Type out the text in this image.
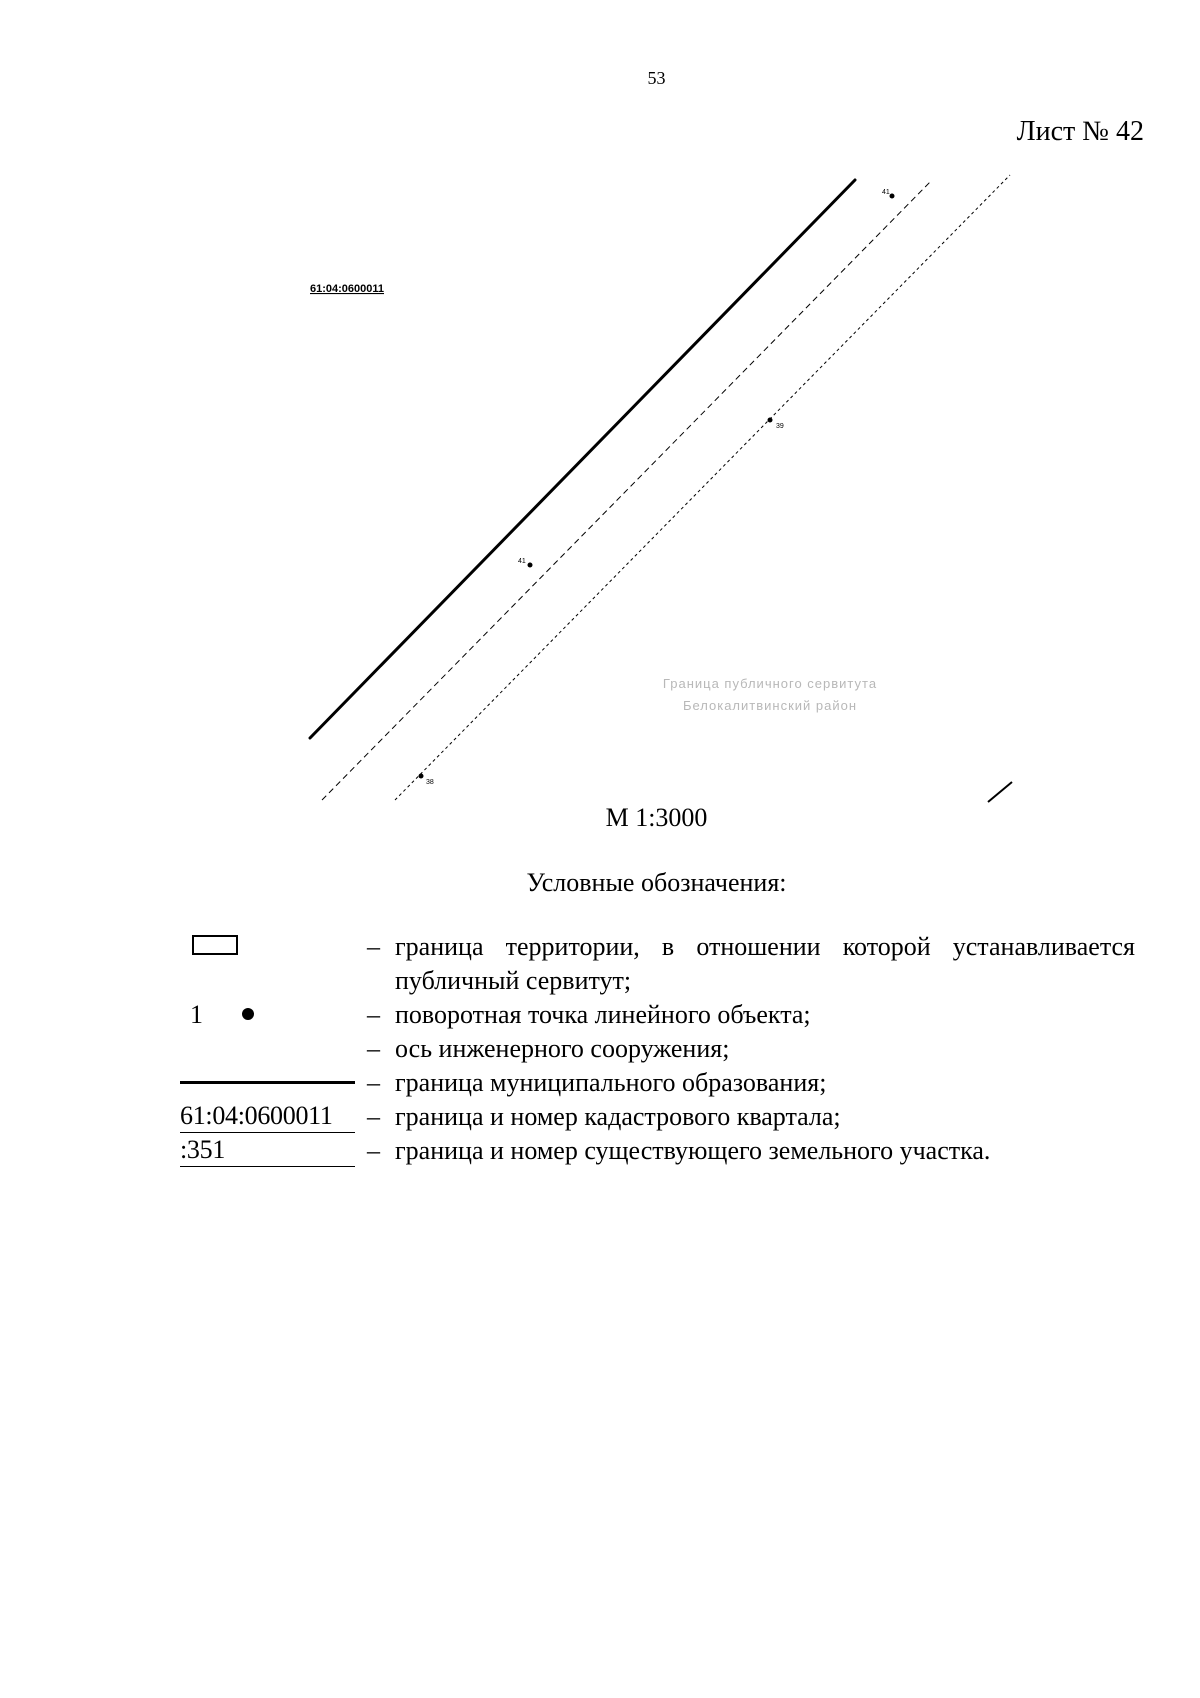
53
Лист № 42
61:04:0600011
41
41
39
38
Граница публичного сервитута
Белокалитвинский район
М 1:3000
Условные обозначения:
– граница территории, в отношении которой устанавливается публичный сервитут;
1	– поворотная точка линейного объекта;
– ось инженерного сооружения;
– граница муниципального образования;
61:04:0600011	– граница и номер кадастрового квартала;
:351	– граница и номер существующего земельного участка.
